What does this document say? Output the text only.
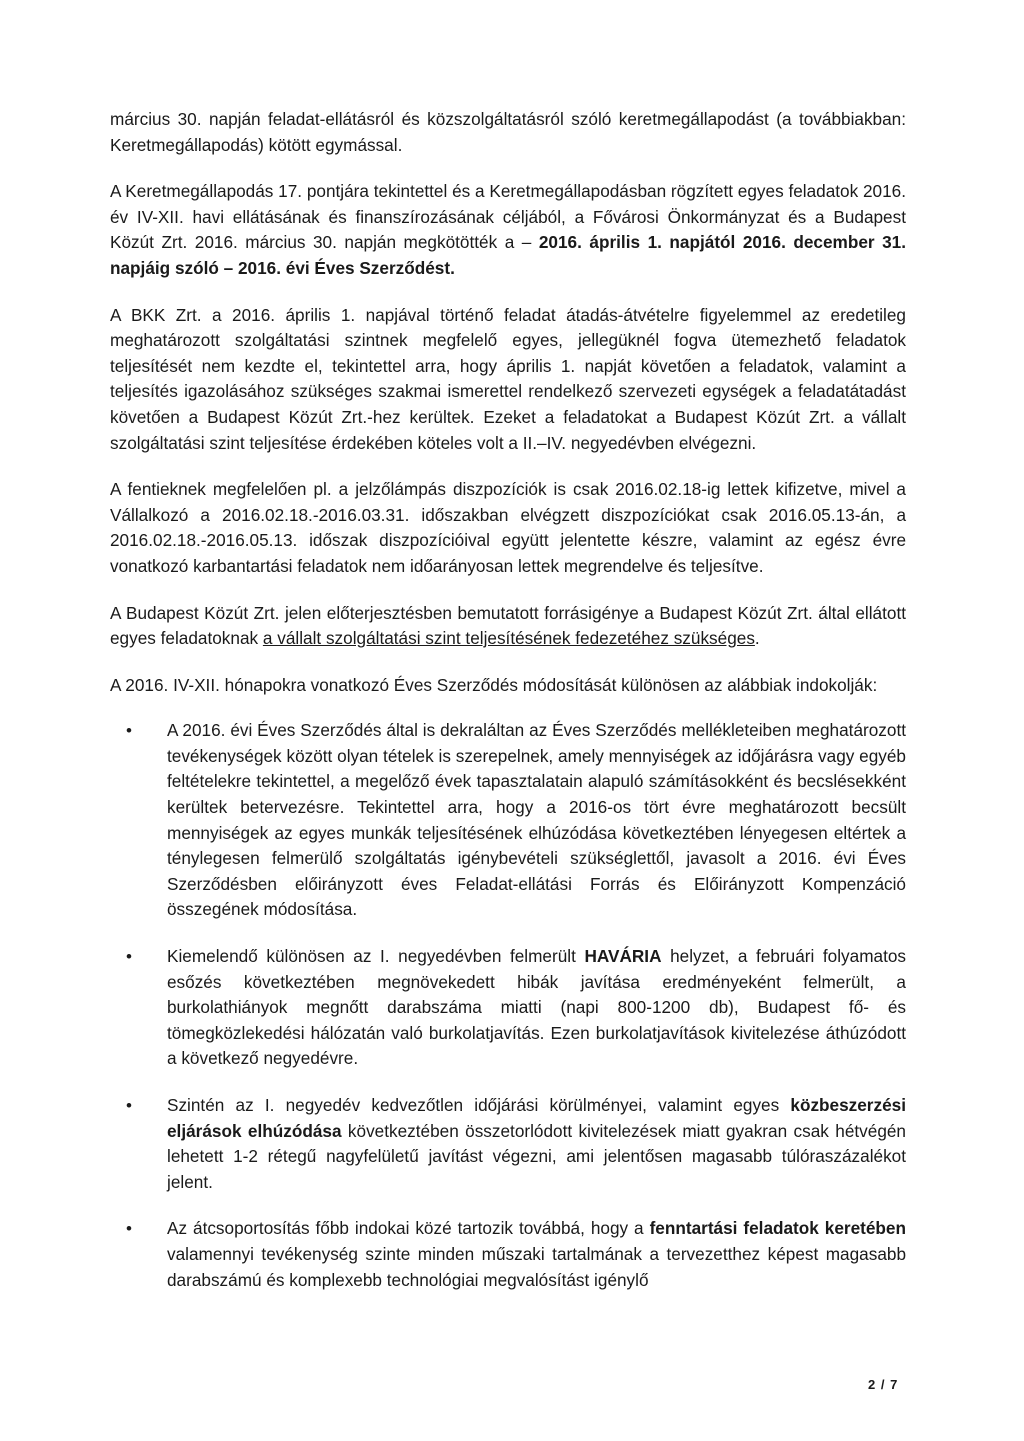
március 30. napján feladat-ellátásról és közszolgáltatásról szóló keretmegállapodást (a továbbiakban: Keretmegállapodás) kötött egymással.

A Keretmegállapodás 17. pontjára tekintettel és a Keretmegállapodásban rögzített egyes feladatok 2016. év IV-XII. havi ellátásának és finanszírozásának céljából, a Fővárosi Önkormányzat és a Budapest Közút Zrt. 2016. március 30. napján megkötötték a – 2016. április 1. napjától 2016. december 31. napjáig szóló – 2016. évi Éves Szerződést.

A BKK Zrt. a 2016. április 1. napjával történő feladat átadás-átvételre figyelemmel az eredetileg meghatározott szolgáltatási szintnek megfelelő egyes, jellegüknél fogva ütemezhető feladatok teljesítését nem kezdte el, tekintettel arra, hogy április 1. napját követően a feladatok, valamint a teljesítés igazolásához szükséges szakmai ismerettel rendelkező szervezeti egységek a feladatátadást követően a Budapest Közút Zrt.-hez kerültek. Ezeket a feladatokat a Budapest Közút Zrt. a vállalt szolgáltatási szint teljesítése érdekében köteles volt a II.–IV. negyedévben elvégezni.

A fentieknek megfelelően pl. a jelzőlámpás diszpozíciók is csak 2016.02.18-ig lettek kifizetve, mivel a Vállalkozó a 2016.02.18.-2016.03.31. időszakban elvégzett diszpozíciókat csak 2016.05.13-án, a 2016.02.18.-2016.05.13. időszak diszpozícióival együtt jelentette készre, valamint az egész évre vonatkozó karbantartási feladatok nem időarányosan lettek megrendelve és teljesítve.

A Budapest Közút Zrt. jelen előterjesztésben bemutatott forrásigénye a Budapest Közút Zrt. által ellátott egyes feladatoknak a vállalt szolgáltatási szint teljesítésének fedezetéhez szükséges.

A 2016. IV-XII. hónapokra vonatkozó Éves Szerződés módosítását különösen az alábbiak indokolják:

• A 2016. évi Éves Szerződés által is dekraláltan az Éves Szerződés mellékleteiben meghatározott tevékenységek között olyan tételek is szerepelnek, amely mennyiségek az időjárásra vagy egyéb feltételekre tekintettel, a megelőző évek tapasztalatain alapuló számításokként és becslésekként kerültek betervezésre. Tekintettel arra, hogy a 2016-os tört évre meghatározott becsült mennyiségek az egyes munkák teljesítésének elhúzódása következtében lényegesen eltértek a ténylegesen felmerülő szolgáltatás igénybevételi szükséglettől, javasolt a 2016. évi Éves Szerződésben előirányzott éves Feladat-ellátási Forrás és Előirányzott Kompenzáció összegének módosítása.
• Kiemelendő különösen az I. negyedévben felmerült HAVÁRIA helyzet, a februári folyamatos esőzés következtében megnövekedett hibák javítása eredményeként felmerült, a burkolathiányok megnőtt darabszáma miatti (napi 800-1200 db), Budapest fő- és tömegközlekedési hálózatán való burkolatjavítás. Ezen burkolatjavítások kivitelezése áthúzódott a következő negyedévre.
• Szintén az I. negyedév kedvezőtlen időjárási körülményei, valamint egyes közbeszerzési eljárások elhúzódása következtében összetorlódott kivitelezések miatt gyakran csak hétvégén lehetett 1-2 rétegű nagyfelületű javítást végezni, ami jelentősen magasabb túlóraszázalékot jelent.
• Az átcsoportosítás főbb indokai közé tartozik továbbá, hogy a fenntartási feladatok keretében valamennyi tevékenység szinte minden műszaki tartalmának a tervezetthez képest magasabb darabszámú és komplexebb technológiai megvalósítást igénylő
2 / 7
